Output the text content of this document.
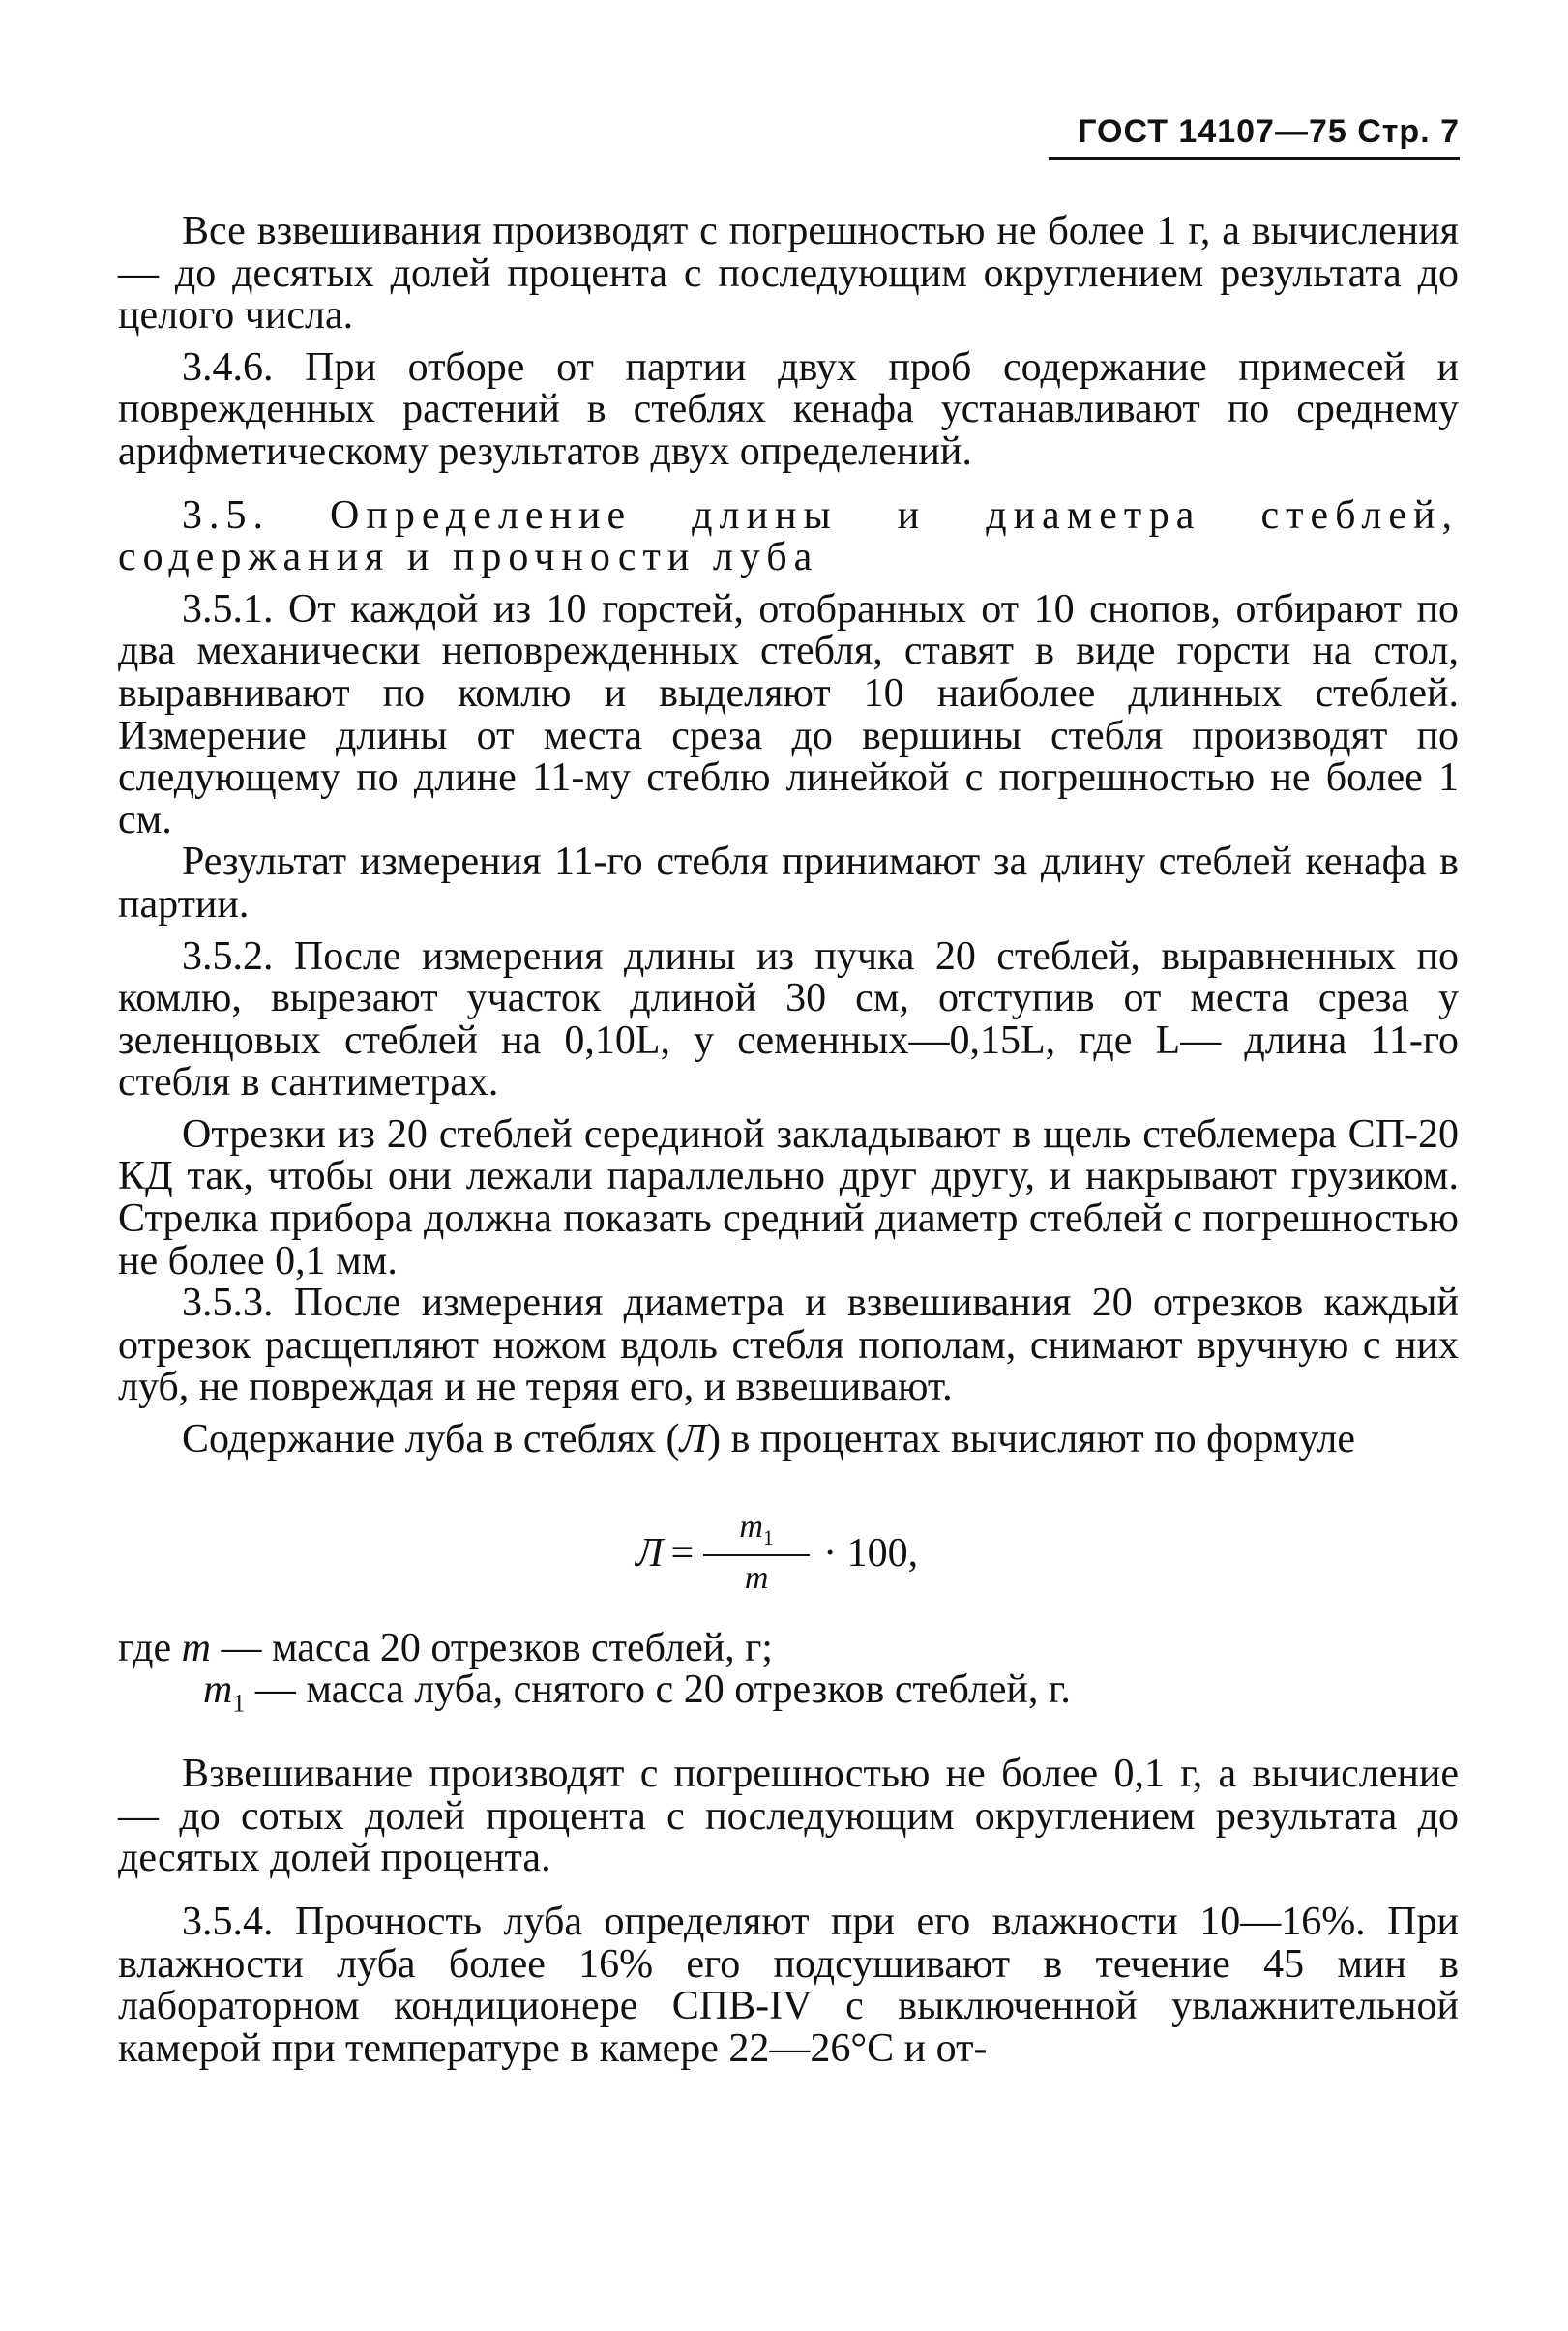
ГОСТ 14107—75 Стр. 7

Все взвешивания производят с погрешностью не более 1 г, а вычисления — до десятых долей процента с последующим округлением результата до целого числа.

3.4.6. При отборе от партии двух проб содержание примесей и поврежденных растений в стеблях кенафа устанавливают по среднему арифметическому результатов двух определений.

3.5. Определение длины и диаметра стеблей, содержания и прочности луба

3.5.1. От каждой из 10 горстей, отобранных от 10 снопов, отбирают по два механически неповрежденных стебля, ставят в виде горсти на стол, выравнивают по комлю и выделяют 10 наиболее длинных стеблей. Измерение длины от места среза до вершины стебля производят по следующему по длине 11-му стеблю линейкой с погрешностью не более 1 см.

Результат измерения 11-го стебля принимают за длину стеблей кенафа в партии.

3.5.2. После измерения длины из пучка 20 стеблей, выравненных по комлю, вырезают участок длиной 30 см, отступив от места среза у зеленцовых стеблей на 0,10L, у семенных—0,15L, где L— длина 11-го стебля в сантиметрах.

Отрезки из 20 стеблей серединой закладывают в щель стеблемера СП-20 КД так, чтобы они лежали параллельно друг другу, и накрывают грузиком. Стрелка прибора должна показать средний диаметр стеблей с погрешностью не более 0,1 мм.

3.5.3. После измерения диаметра и взвешивания 20 отрезков каждый отрезок расщепляют ножом вдоль стебля пополам, снимают вручную с них луб, не повреждая и не теряя его, и взвешивают.

Содержание луба в стеблях (Л) в процентах вычисляют по формуле

$Л = \frac{m_1}{m} \cdot 100$,
где m — масса 20 отрезков стеблей, г;
$m_1$ — масса луба, снятого с 20 отрезков стеблей, г.

Взвешивание производят с погрешностью не более 0,1 г, а вычисление — до сотых долей процента с последующим округлением результата до десятых долей процента.

3.5.4. Прочность луба определяют при его влажности 10—16%. При влажности луба более 16% его подсушивают в течение 45 мин в лабораторном кондиционере СПВ-IV с выключенной увлажнительной камерой при температуре в камере 22—26°С и от-
